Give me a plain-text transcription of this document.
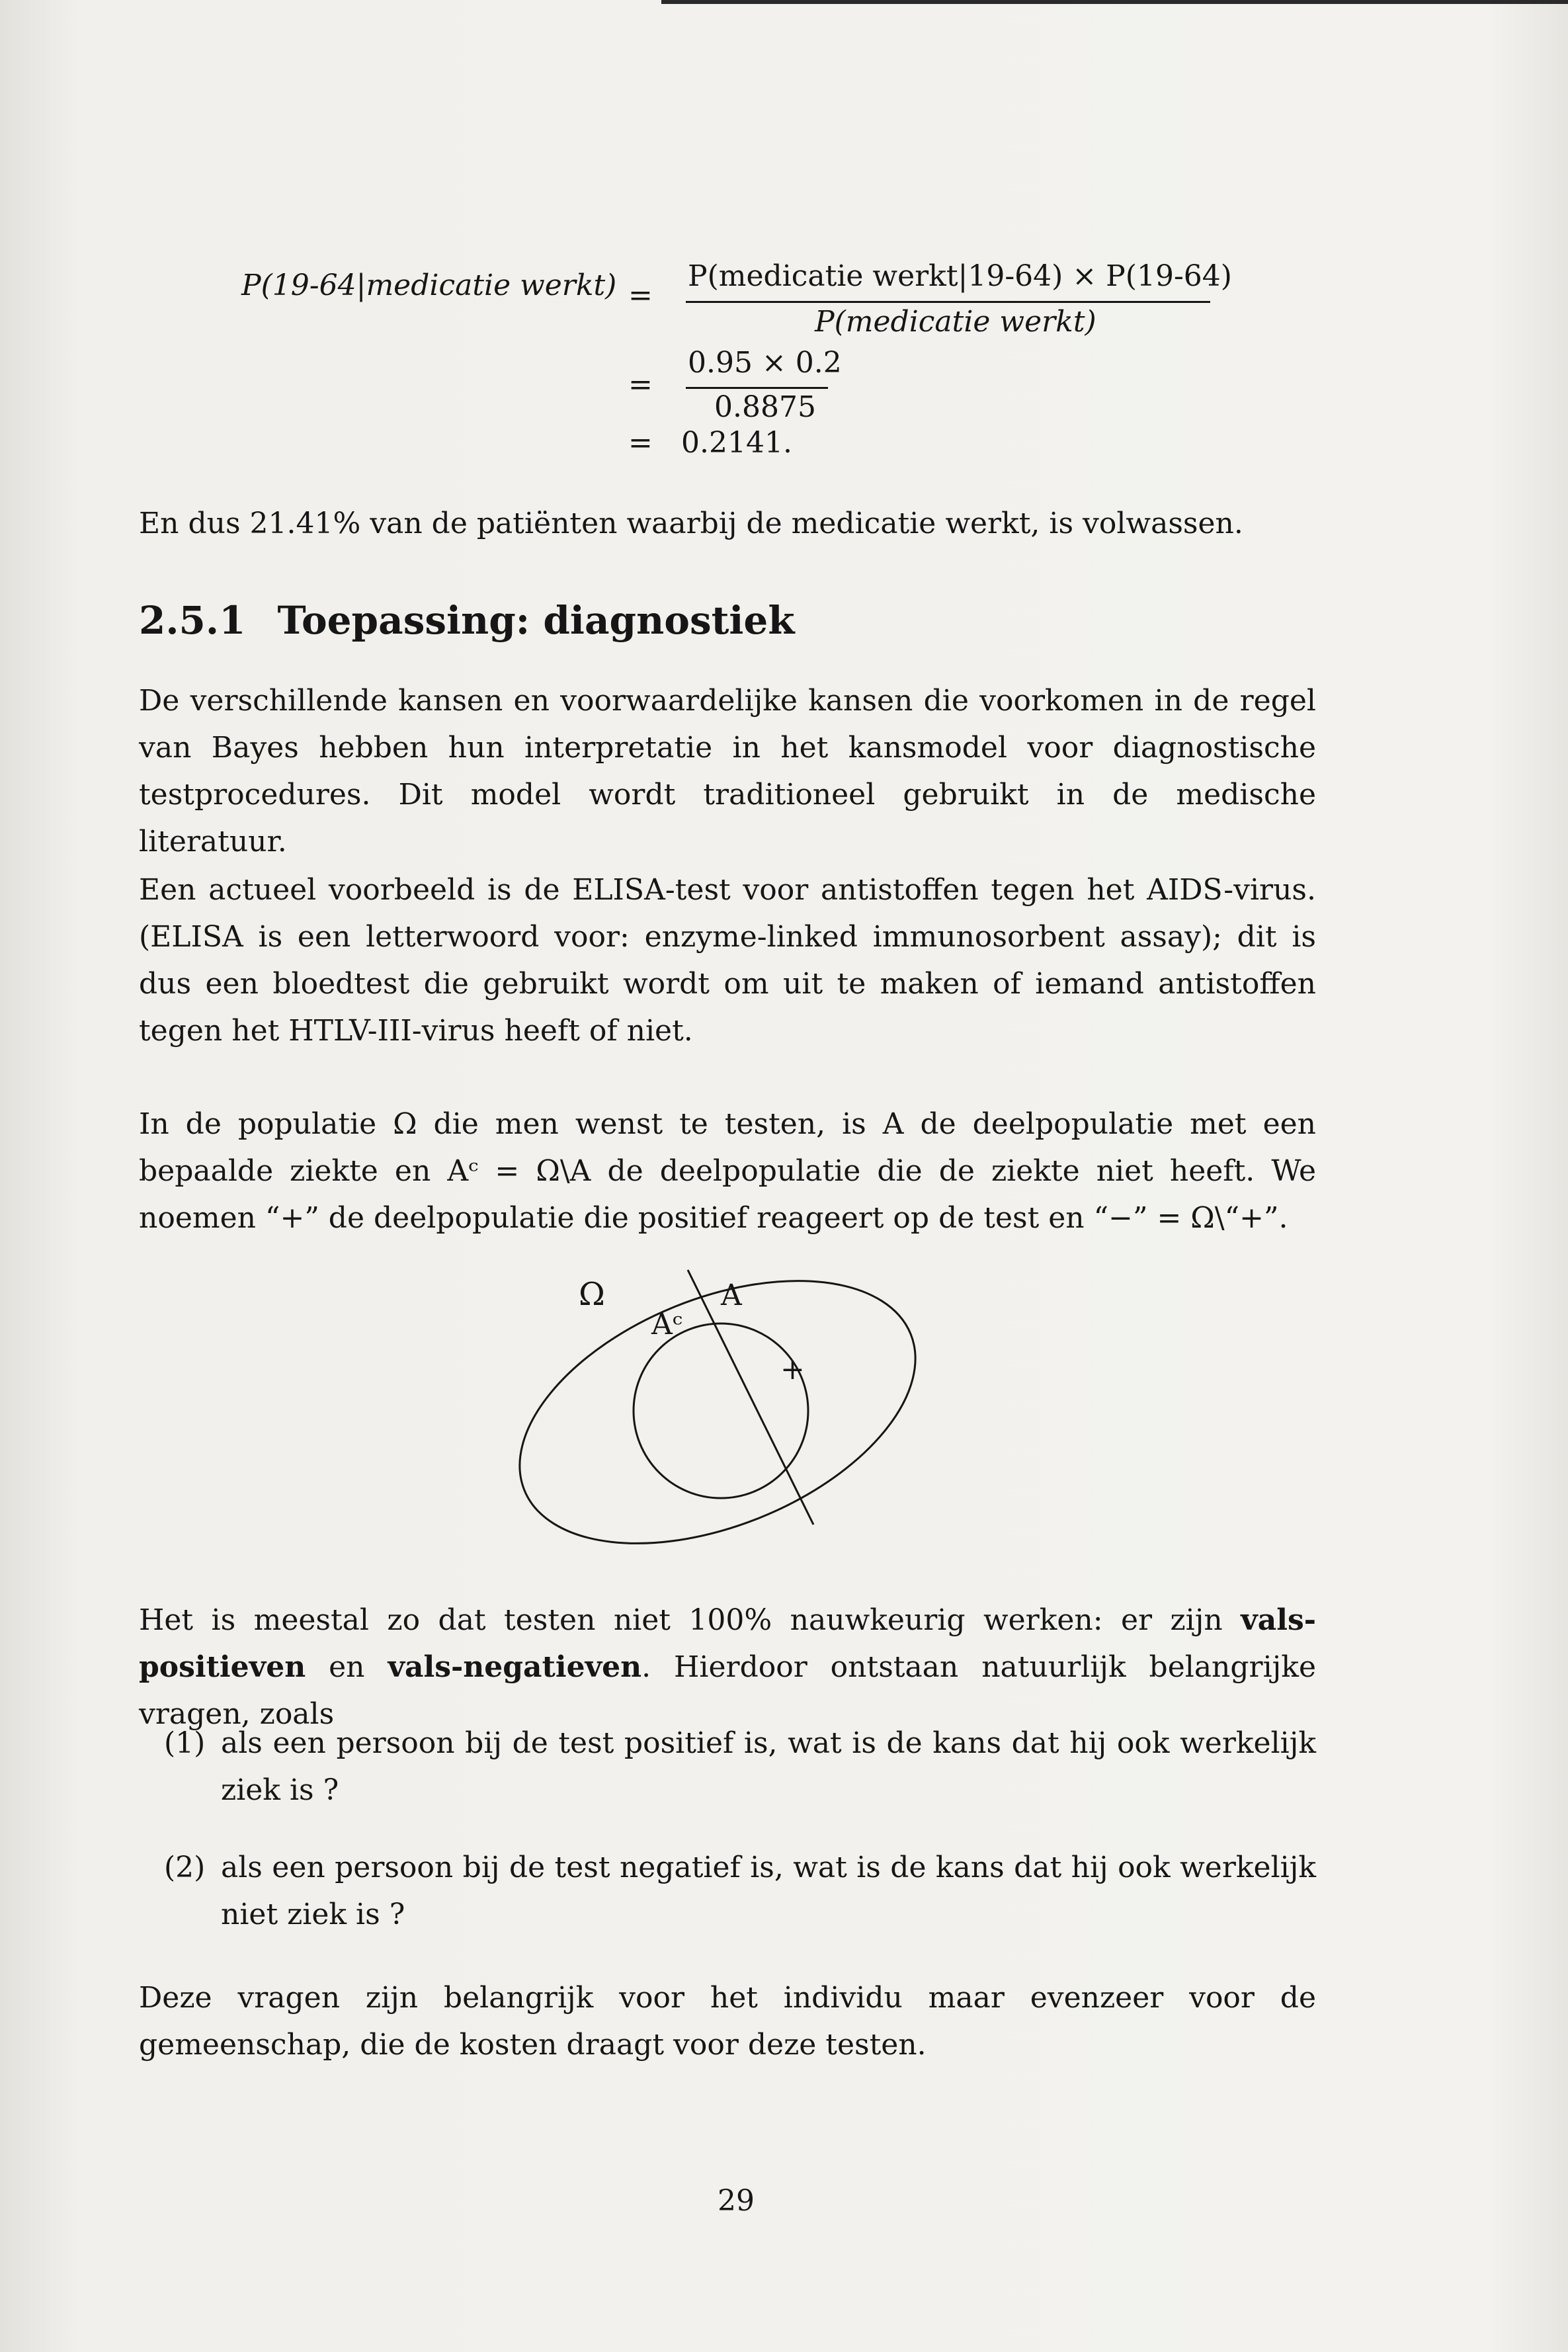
P(19-64|medicatie werkt) =
P(medicatie werkt|19-64) × P(19-64)
P(medicatie werkt)
=
0.95 × 0.2
0.8875
= 0.2141.
En dus 21.41% van de patiënten waarbij de medicatie werkt, is volwassen.
2.5.1 Toepassing: diagnostiek
De verschillende kansen en voorwaardelijke kansen die voorkomen in de regel van Bayes hebben hun interpretatie in het kansmodel voor diagnostische testprocedures. Dit model wordt traditioneel gebruikt in de medische literatuur.
Een actueel voorbeeld is de ELISA-test voor antistoffen tegen het AIDS-virus. (ELISA is een letterwoord voor: enzyme-linked immunosorbent assay); dit is dus een bloedtest die gebruikt wordt om uit te maken of iemand antistoffen tegen het HTLV-III-virus heeft of niet.
In de populatie Ω die men wenst te testen, is A de deelpopulatie met een bepaalde ziekte en Aᶜ = Ω\A de deelpopulatie die de ziekte niet heeft. We noemen “+” de deelpopulatie die positief reageert op de test en “−” = Ω\“+”.
Ω	A
Aᶜ
+
Het is meestal zo dat testen niet 100% nauwkeurig werken: er zijn vals-positieven en vals-negatieven. Hierdoor ontstaan natuurlijk belangrijke vragen, zoals
(1) als een persoon bij de test positief is, wat is de kans dat hij ook werkelijk ziek is ?
(2) als een persoon bij de test negatief is, wat is de kans dat hij ook werkelijk niet ziek is ?
Deze vragen zijn belangrijk voor het individu maar evenzeer voor de gemeenschap, die de kosten draagt voor deze testen.
29
